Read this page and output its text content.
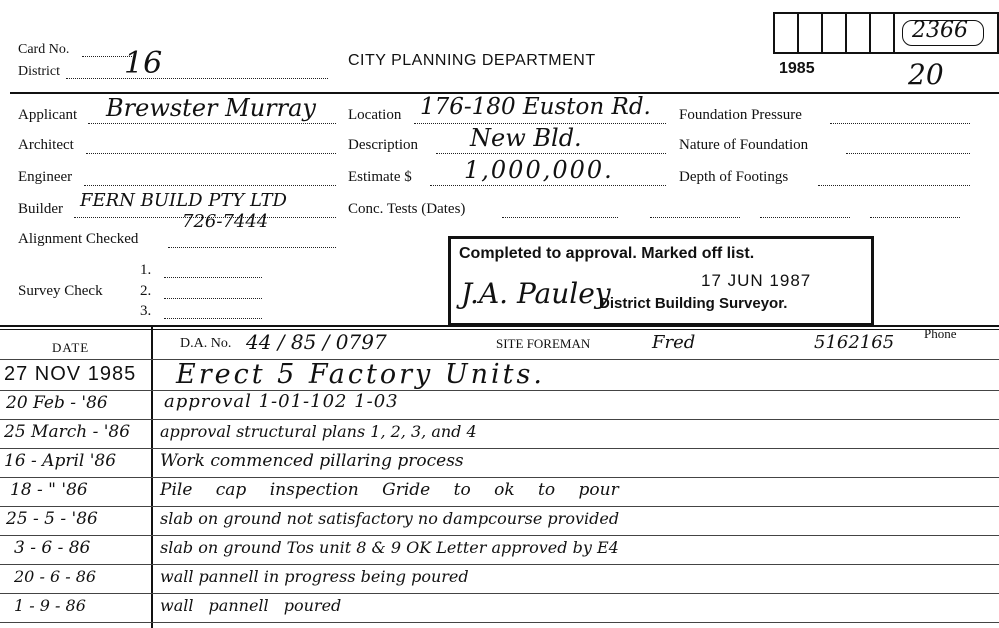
Card No.
District 16	CITY PLANNING DEPARTMENT	1985
2366
20
Applicant Brewster Murray
Architect
Engineer
Builder FERN BUILD PTY LTD
726-7444
Alignment Checked
Survey Check
1.
2.
3.
Location 176-180 Euston Rd.
Description New Bld.
Estimate $ 1,000,000.
Conc. Tests (Dates)
Foundation Pressure
Nature of Foundation
Depth of Footings
Completed to approval. Marked off list.
17 JUN 1987
J.A. Pauley
District Building Surveyor.
DATE	D.A. No. 44 / 85 / 0797	SITE FOREMAN	Fred	Phone
5162165
27 NOV 1985 Erect 5 Factory Units.
20 Feb - '86	approval 1-01-102 1-03
25 March - '86 approval structural plans 1, 2, 3, and 4
16 - April '86	Work commenced pillaring process
18 - " '86	Pile cap inspection Gride to ok to pour
25 - 5 - '86	slab on ground not satisfactory no dampcourse provided
3 - 6 - 86	slab on ground Tos unit 8 & 9 OK Letter approved by E4
20 - 6 - 86	wall pannell in progress being poured
1 - 9 - 86	wall pannell poured
